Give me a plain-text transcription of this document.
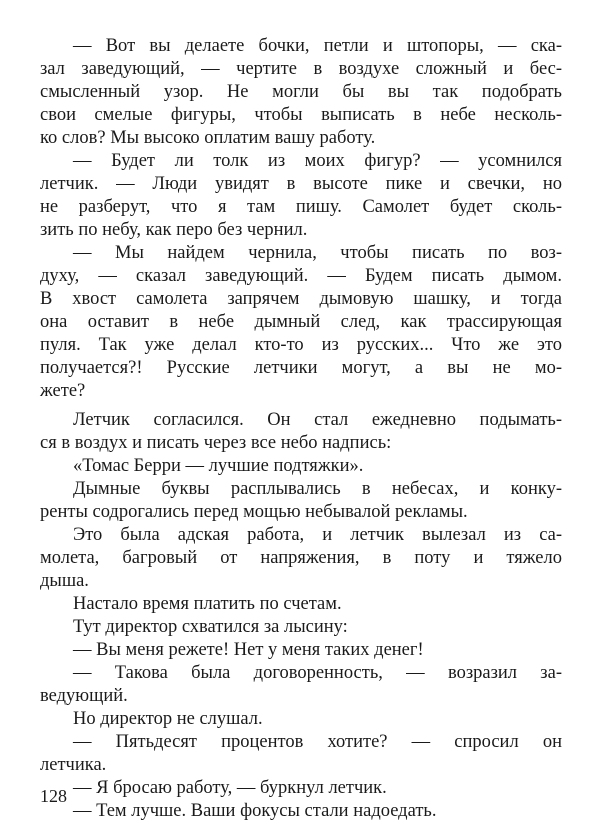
— Вот вы делаете бочки, петли и штопоры, — ска-
зал заведующий, — чертите в воздухе сложный и бес-
смысленный узор. Не могли бы вы так подобрать
свои смелые фигуры, чтобы выписать в небе несколь-
ко слов? Мы высоко оплатим вашу работу.
— Будет ли толк из моих фигур? — усомнился
летчик. — Люди увидят в высоте пике и свечки, но
не разберут, что я там пишу. Самолет будет сколь-
зить по небу, как перо без чернил.
— Мы найдем чернила, чтобы писать по воз-
духу, — сказал заведующий. — Будем писать дымом.
В хвост самолета запрячем дымовую шашку, и тогда
она оставит в небе дымный след, как трассирующая
пуля. Так уже делал кто-то из русских... Что же это
получается?! Русские летчики могут, а вы не мо-
жете?
Летчик согласился. Он стал ежедневно подымать-
ся в воздух и писать через все небо надпись:
«Томас Берри — лучшие подтяжки».
Дымные буквы расплывались в небесах, и конку-
ренты содрогались перед мощью небывалой рекламы.
Это была адская работа, и летчик вылезал из са-
молета, багровый от напряжения, в поту и тяжело
дыша.
Настало время платить по счетам.
Тут директор схватился за лысину:
— Вы меня режете! Нет у меня таких денег!
— Такова была договоренность, — возразил за-
ведующий.
Но директор не слушал.
— Пятьдесят процентов хотите? — спросил он
летчика.
— Я бросаю работу, — буркнул летчик.
— Тем лучше. Ваши фокусы стали надоедать.
128
